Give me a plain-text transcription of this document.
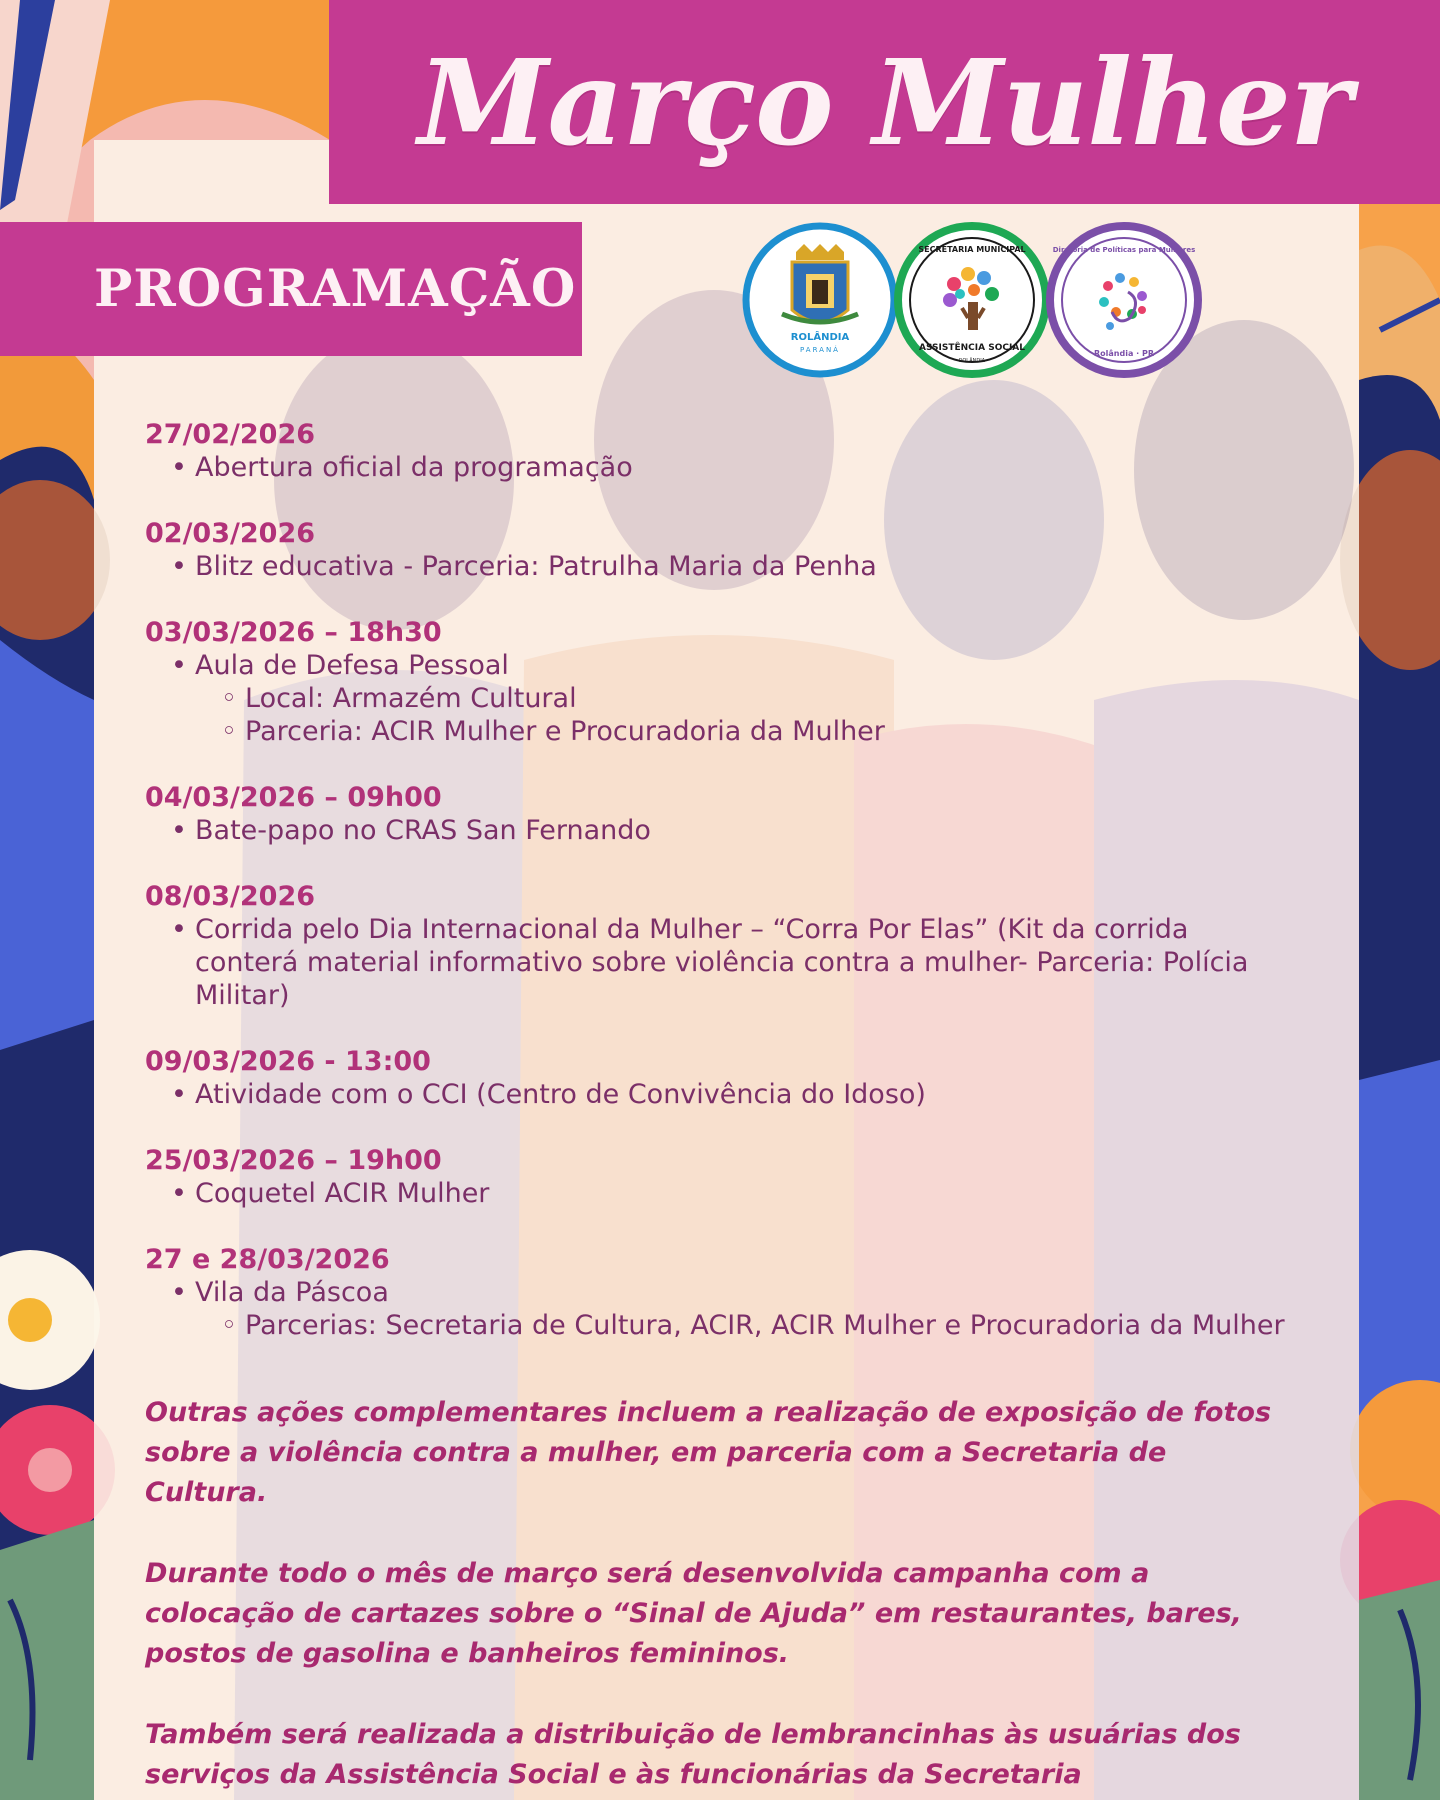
Março Mulher
PROGRAMAÇÃO
ROLÂNDIA
PARANÁ
SECRETARIA MUNICIPAL
ASSISTÊNCIA SOCIAL
ROLÂNDIA
Diretoria de Políticas para Mulheres
Rolândia · PR
27/02/2026
• Abertura oficial da programação
02/03/2026
• Blitz educativa - Parceria: Patrulha Maria da Penha
03/03/2026 – 18h30
• Aula de Defesa Pessoal
◦ Local: Armazém Cultural
◦ Parceria: ACIR Mulher e Procuradoria da Mulher
04/03/2026 – 09h00
• Bate-papo no CRAS San Fernando
08/03/2026
• Corrida pelo Dia Internacional da Mulher – “Corra Por Elas” (Kit da corrida conterá material informativo sobre violência contra a mulher- Parceria: Polícia Militar)
09/03/2026 - 13:00
• Atividade com o CCI (Centro de Convivência do Idoso)
25/03/2026 – 19h00
• Coquetel ACIR Mulher
27 e 28/03/2026
• Vila da Páscoa
◦ Parcerias: Secretaria de Cultura, ACIR, ACIR Mulher e Procuradoria da Mulher

Outras ações complementares incluem a realização de exposição de fotos sobre a violência contra a mulher, em parceria com a Secretaria de Cultura.

Durante todo o mês de março será desenvolvida campanha com a colocação de cartazes sobre o “Sinal de Ajuda” em restaurantes, bares, postos de gasolina e banheiros femininos.

Também será realizada a distribuição de lembrancinhas às usuárias dos serviços da Assistência Social e às funcionárias da Secretaria
